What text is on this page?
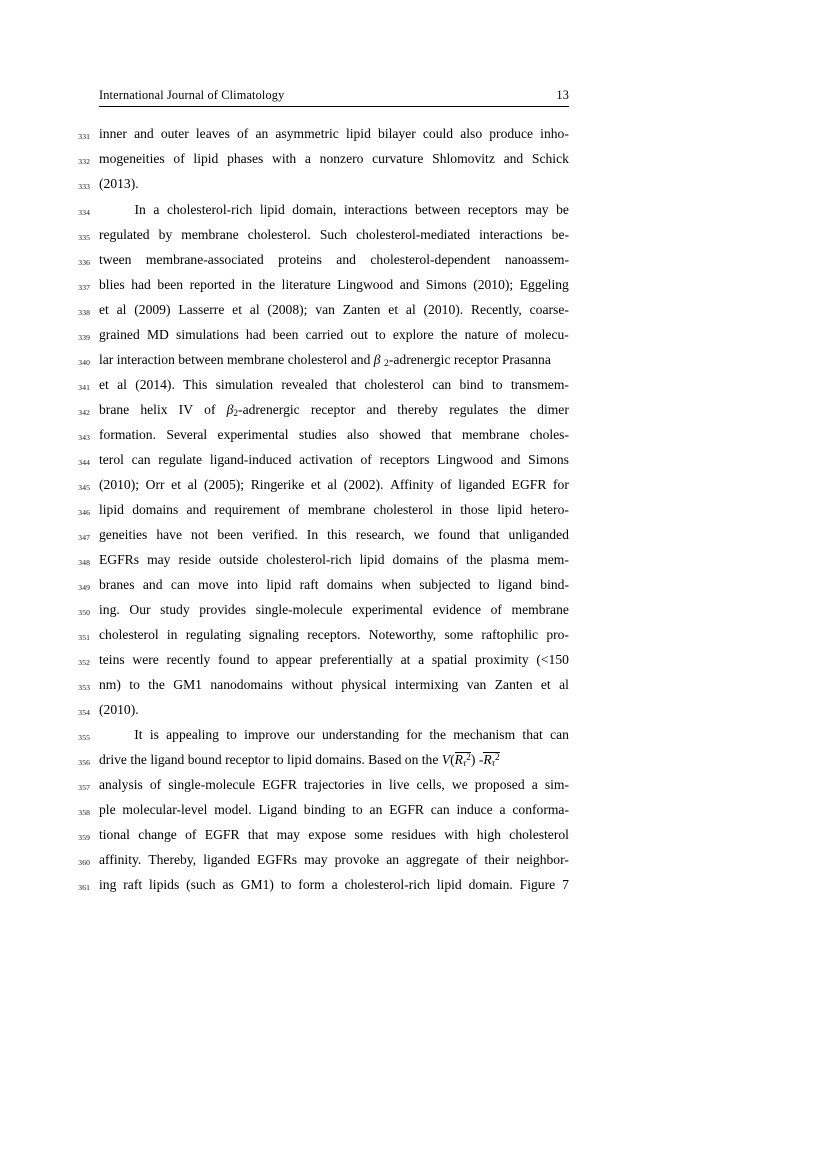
International Journal of Climatology	13
331 inner and outer leaves of an asymmetric lipid bilayer could also produce inho-
332 mogeneities of lipid phases with a nonzero curvature Shlomovitz and Schick
333 (2013).
334	In a cholesterol-rich lipid domain, interactions between receptors may be
335 regulated by membrane cholesterol. Such cholesterol-mediated interactions be-
336 tween membrane-associated proteins and cholesterol-dependent nanoassem-
337 blies had been reported in the literature Lingwood and Simons (2010); Eggeling
338 et al (2009) Lasserre et al (2008); van Zanten et al (2010). Recently, coarse-
339 grained MD simulations had been carried out to explore the nature of molecu-
340 lar interaction between membrane cholesterol and β 2-adrenergic receptor Prasanna
341 et al (2014). This simulation revealed that cholesterol can bind to transmem-
342 brane helix IV of $\beta_2$-adrenergic receptor and thereby regulates the dimer
343 formation. Several experimental studies also showed that membrane choles-
344 terol can regulate ligand-induced activation of receptors Lingwood and Simons
345 (2010); Orr et al (2005); Ringerike et al (2002). Affinity of liganded EGFR for
346 lipid domains and requirement of membrane cholesterol in those lipid hetero-
347 geneities have not been verified. In this research, we found that unliganded
348 EGFRs may reside outside cholesterol-rich lipid domains of the plasma mem-
349 branes and can move into lipid raft domains when subjected to ligand bind-
350 ing. Our study provides single-molecule experimental evidence of membrane
351 cholesterol in regulating signaling receptors. Noteworthy, some raftophilic pro-
352 teins were recently found to appear preferentially at a spatial proximity (<150
353 nm) to the GM1 nanodomains without physical intermixing van Zanten et al
354 (2010).
355	It is appealing to improve our understanding for the mechanism that can
356 drive the ligand bound receptor to lipid domains. Based on the $V(R_\tau^2)$ $-R_\tau^2$
357 analysis of single-molecule EGFR trajectories in live cells, we proposed a sim-
358 ple molecular-level model. Ligand binding to an EGFR can induce a conforma-
359 tional change of EGFR that may expose some residues with high cholesterol
360 affinity. Thereby, liganded EGFRs may provoke an aggregate of their neighbor-
361 ing raft lipids (such as GM1) to form a cholesterol-rich lipid domain. Figure 7
